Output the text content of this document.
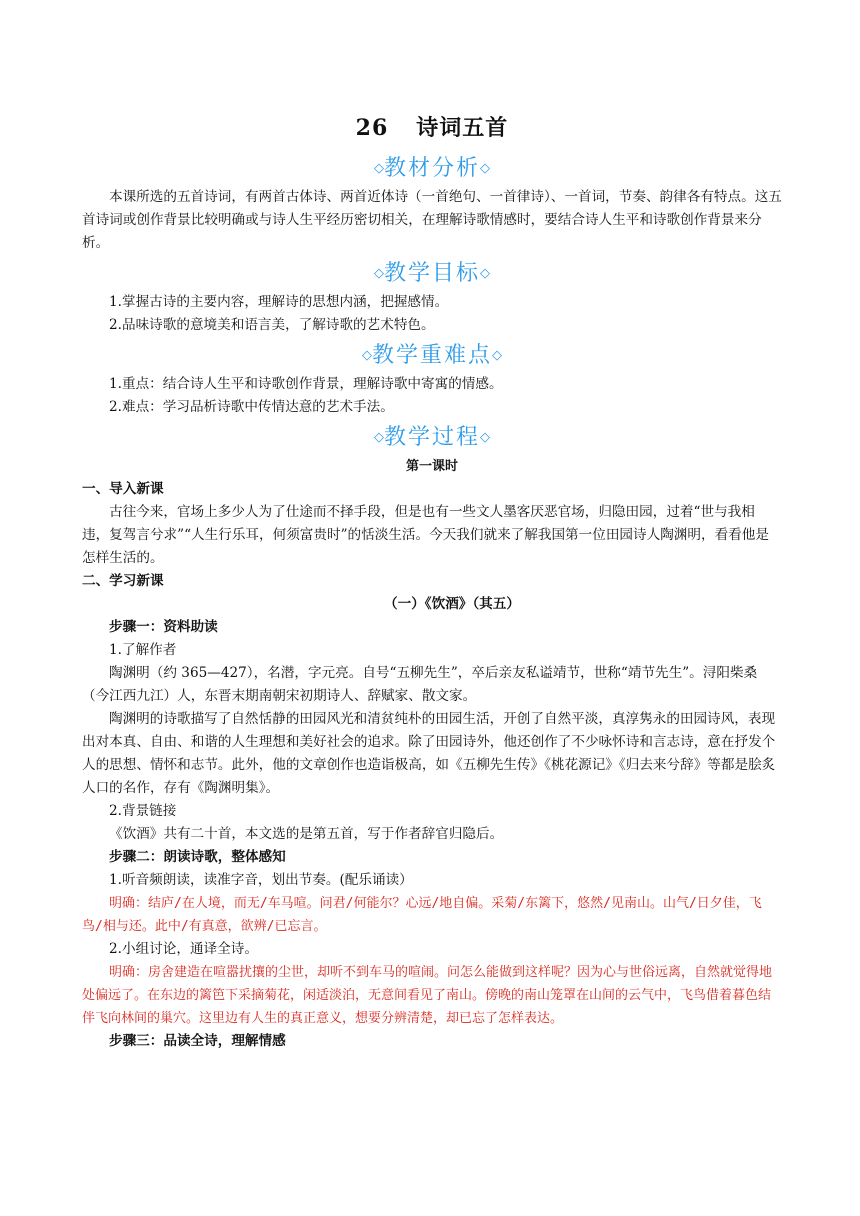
26 诗词五首
◇教材分析◇

本课所选的五首诗词，有两首古体诗、两首近体诗（一首绝句、一首律诗）、一首词，节奏、韵律各有特点。这五首诗词或创作背景比较明确或与诗人生平经历密切相关，在理解诗歌情感时，要结合诗人生平和诗歌创作背景来分析。

◇教学目标◇

1.掌握古诗的主要内容，理解诗的思想内涵，把握感情。

2.品味诗歌的意境美和语言美，了解诗歌的艺术特色。

◇教学重难点◇

1.重点：结合诗人生平和诗歌创作背景，理解诗歌中寄寓的情感。

2.难点：学习品析诗歌中传情达意的艺术手法。

◇教学过程◇

第一课时

一、导入新课

古往今来，官场上多少人为了仕途而不择手段，但是也有一些文人墨客厌恶官场，归隐田园，过着“世与我相违，复驾言兮求”“人生行乐耳，何须富贵时”的恬淡生活。今天我们就来了解我国第一位田园诗人陶渊明，看看他是怎样生活的。

二、学习新课

（一）《饮酒》（其五）

步骤一：资料助读

1.了解作者

陶渊明（约 365—427），名潜，字元亮。自号“五柳先生”，卒后亲友私谥靖节，世称“靖节先生”。浔阳柴桑（今江西九江）人，东晋末期南朝宋初期诗人、辞赋家、散文家。

陶渊明的诗歌描写了自然恬静的田园风光和清贫纯朴的田园生活，开创了自然平淡，真淳隽永的田园诗风，表现出对本真、自由、和谐的人生理想和美好社会的追求。除了田园诗外，他还创作了不少咏怀诗和言志诗，意在抒发个人的思想、情怀和志节。此外，他的文章创作也造诣极高，如《五柳先生传》《桃花源记》《归去来兮辞》等都是脍炙人口的名作，存有《陶渊明集》。

2.背景链接

《饮酒》共有二十首，本文选的是第五首，写于作者辞官归隐后。

步骤二：朗读诗歌，整体感知

1.听音频朗读，读准字音，划出节奏。(配乐诵读）

明确：结庐/在人境，而无/车马喧。问君/何能尔？心远/地自偏。采菊/东篱下，悠然/见南山。山气/日夕佳，飞鸟/相与还。此中/有真意，欲辨/已忘言。

2.小组讨论，通译全诗。

明确：房舍建造在喧嚣扰攘的尘世，却听不到车马的喧闹。问怎么能做到这样呢？因为心与世俗远离，自然就觉得地处偏远了。在东边的篱笆下采摘菊花，闲适淡泊，无意间看见了南山。傍晚的南山笼罩在山间的云气中，飞鸟借着暮色结伴飞向林间的巢穴。这里边有人生的真正意义，想要分辨清楚，却已忘了怎样表达。

步骤三：品读全诗，理解情感
